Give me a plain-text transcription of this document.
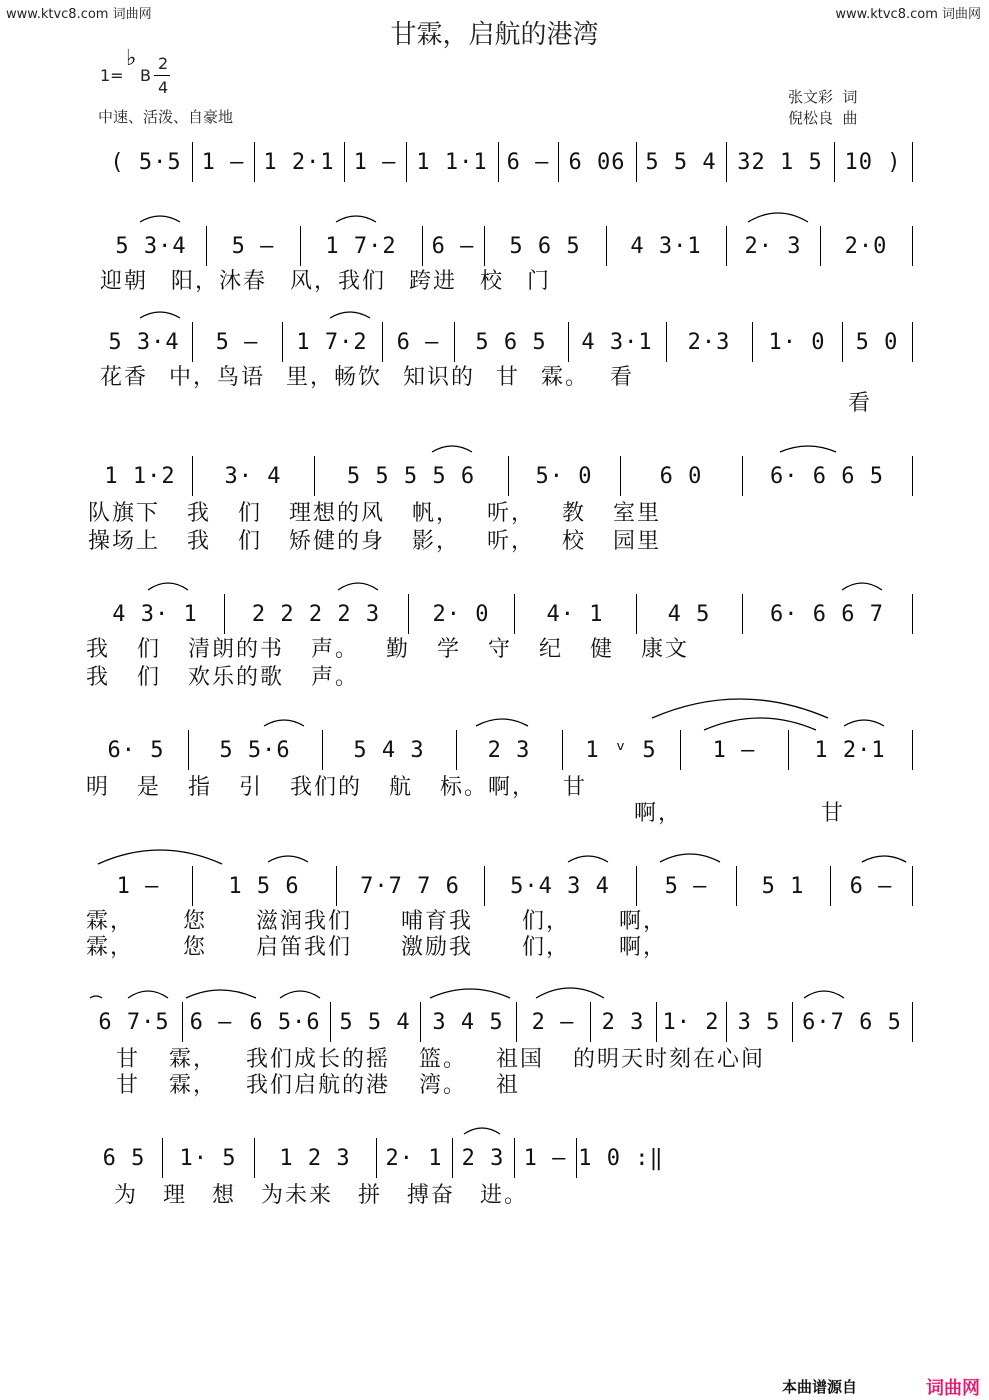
www.ktvc8.com 词曲网	www.ktvc8.com 词曲网
甘霖，启航的港湾
1=
♭
B
2
4
中速、活泼、自豪地
张文彩  词
倪松良  曲
( 5·5 1 – 1 2·1 1 – 1 1·1 6 – 6 06 5 5 4 32 1 5 10 )
5 3·4	5 –	1 7·2	6 –	5 6 5	4 3·1	2· 3	2·0
迎朝 阳，沐春 风，我们 跨进 校 门
5 3·4	5 –	1 7·2	6 –	5 6 5	4 3·1	2·3	1· 0	5 0
花香 中，鸟语 里，畅饮 知识的 甘 霖。 看
看
1 1·2	3· 4	5 5 5 5 6	5· 0	6 0	6· 6 6 5
队旗下 我 们 理想的风 帆， 听， 教 室里
操场上 我 们 矫健的身 影， 听， 校 园里
4 3· 1	2 2 2 2 3	2· 0	4· 1	4 5	6· 6 6 7
我 们 清朗的书 声。 勤 学 守 纪 健 康文
我 们 欢乐的歌 声。
6· 5	5 5·6	5 4 3	2 3	1 ᵛ 5	1 –	1 2·1
明 是 指 引 我们的 航 标。啊， 甘
啊， 甘
1 –	1 5 6	7·7 7 6	5·4 3 4	5 –	5 1	6 –
霖， 您 滋润我们 哺育我 们， 啊，
霖， 您 启笛我们 激励我 们， 啊，
6 7·5 6 – 6 5·6 5 5 4 3 4 5	2 –	2 3 1· 2 3 5 6·7 6 5
甘 霖， 我们成长的摇 篮。 祖国 的明天时刻在心间
甘 霖， 我们启航的港 湾。 祖
6 5	1· 5	1 2 3	2· 1 2 3 1 – 1 0 :‖
为 理 想 为未来 拼 搏奋 进。
本曲谱源自	词曲网
